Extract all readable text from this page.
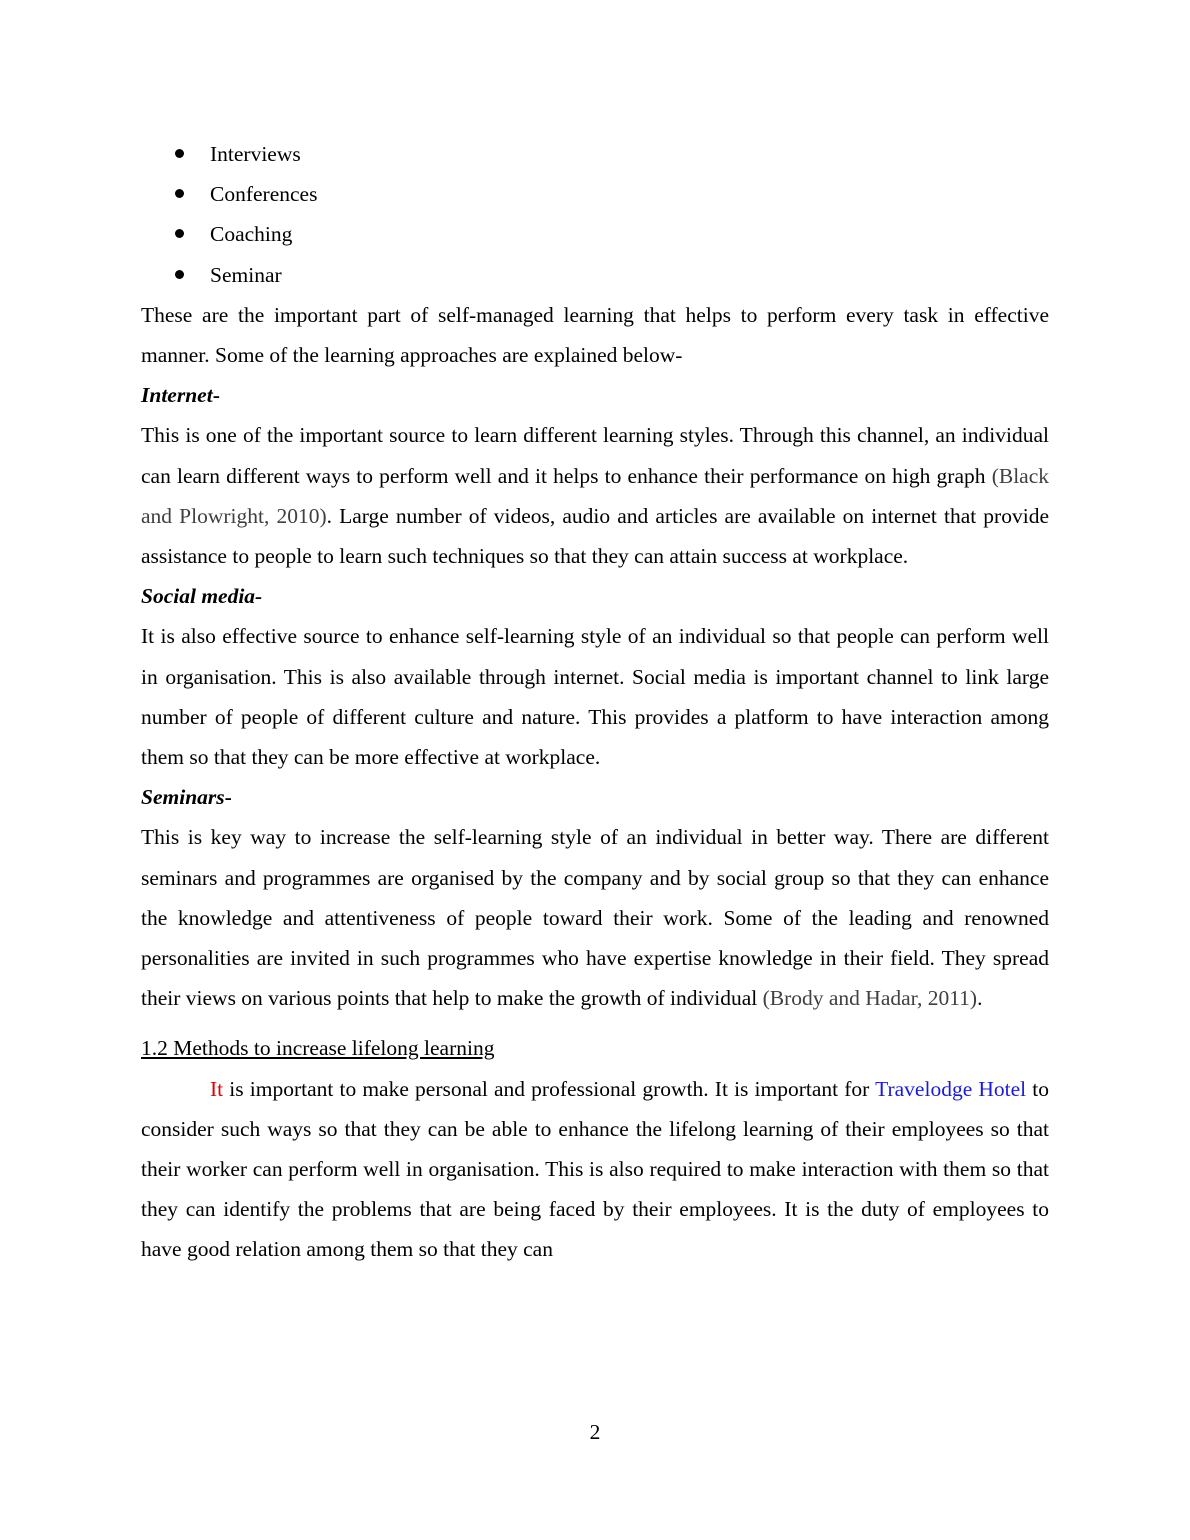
Interviews
Conferences
Coaching
Seminar

These are the important part of self-managed learning that helps to perform every task in effective manner. Some of the learning approaches are explained below-

Internet-

This is one of the important source to learn different learning styles. Through this channel, an individual can learn different ways to perform well and it helps to enhance their performance on high graph (Black and Plowright, 2010). Large number of videos, audio and articles are available on internet that provide assistance to people to learn such techniques so that they can attain success at workplace.

Social media-

It is also effective source to enhance self-learning style of an individual so that people can perform well in organisation. This is also available through internet. Social media is important channel to link large number of people of different culture and nature. This provides a platform to have interaction among them so that they can be more effective at workplace.

Seminars-

This is key way to increase the self-learning style of an individual in better way. There are different seminars and programmes are organised by the company and by social group so that they can enhance the knowledge and attentiveness of people toward their work. Some of the leading and renowned personalities are invited in such programmes who have expertise knowledge in their field. They spread their views on various points that help to make the growth of individual (Brody and Hadar, 2011).

1.2 Methods to increase lifelong learning

It is important to make personal and professional growth. It is important for Travelodge Hotel to consider such ways so that they can be able to enhance the lifelong learning of their employees so that their worker can perform well in organisation. This is also required to make interaction with them so that they can identify the problems that are being faced by their employees. It is the duty of employees to have good relation among them so that they can

2
